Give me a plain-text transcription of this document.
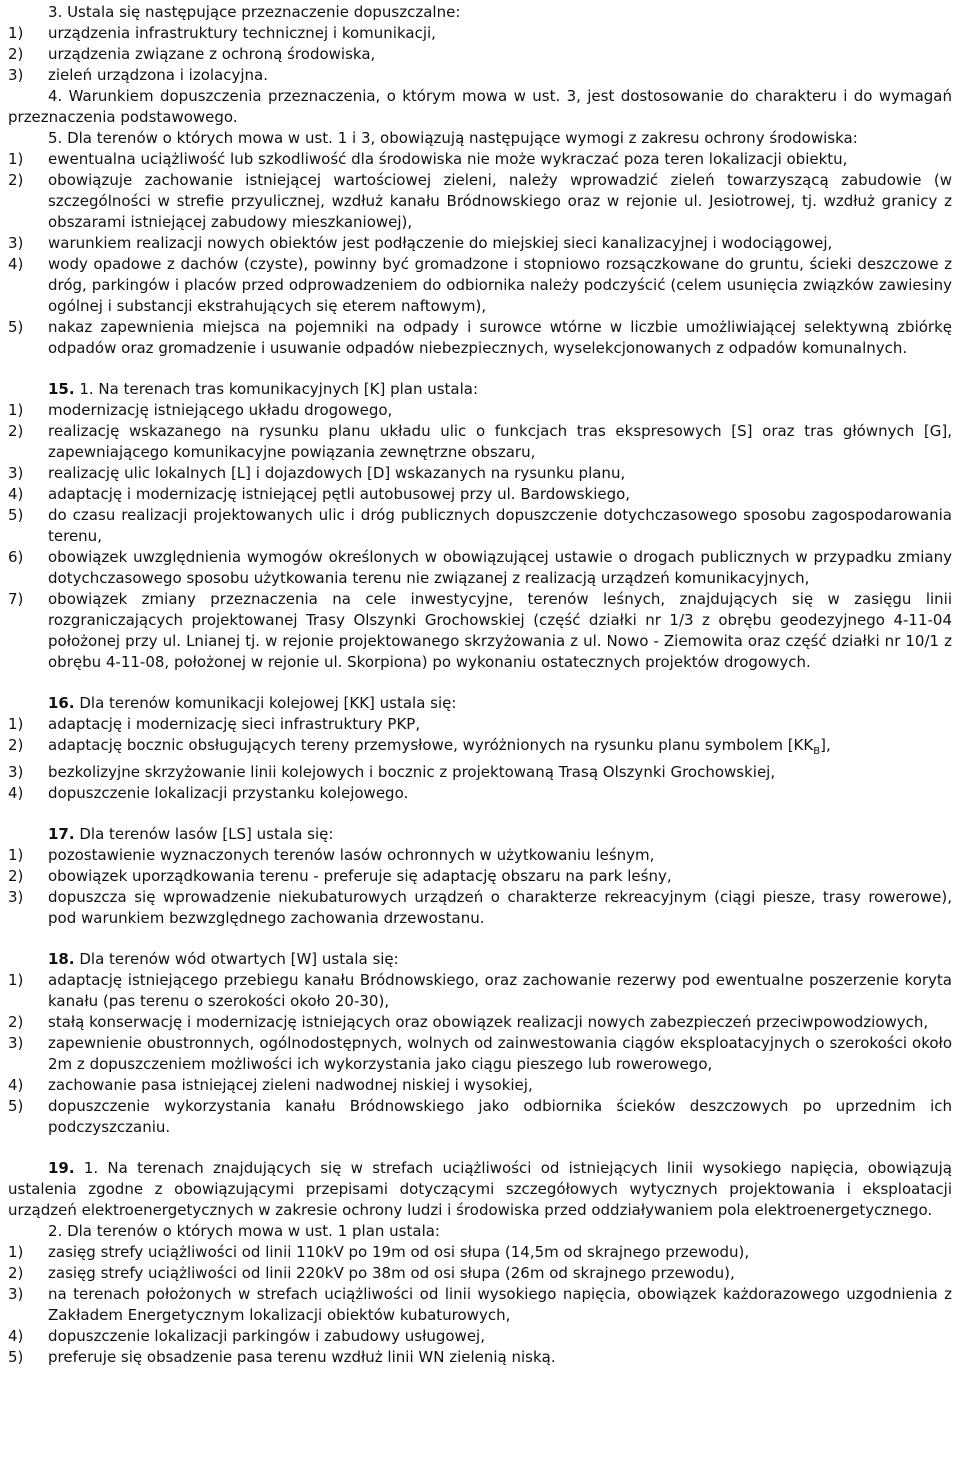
3. Ustala się następujące przeznaczenie dopuszczalne:

1)	urządzenia infrastruktury technicznej i komunikacji,
2)	urządzenia związane z ochroną środowiska,
3)	zieleń urządzona i izolacyjna.

4. Warunkiem dopuszczenia przeznaczenia, o którym mowa w ust. 3, jest dostosowanie do charakteru i do wymagań przeznaczenia podstawowego.

5. Dla terenów o których mowa w ust. 1 i 3, obowiązują następujące wymogi z zakresu ochrony środowiska:

1)	ewentualna uciążliwość lub szkodliwość dla środowiska nie może wykraczać poza teren lokalizacji obiektu,
2)	obowiązuje zachowanie istniejącej wartościowej zieleni, należy wprowadzić zieleń towarzyszącą zabudowie (w szczególności w strefie przyulicznej, wzdłuż kanału Bródnowskiego oraz w rejonie ul. Jesiotrowej, tj. wzdłuż granicy z obszarami istniejącej zabudowy mieszkaniowej),
3)	warunkiem realizacji nowych obiektów jest podłączenie do miejskiej sieci kanalizacyjnej i wodociągowej,
4)	wody opadowe z dachów (czyste), powinny być gromadzone i stopniowo rozsączkowane do gruntu, ścieki deszczowe z dróg, parkingów i placów przed odprowadzeniem do odbiornika należy podczyścić (celem usunięcia związków zawiesiny ogólnej i substancji ekstrahujących się eterem naftowym),
5)	nakaz zapewnienia miejsca na pojemniki na odpady i surowce wtórne w liczbie umożliwiającej selektywną zbiórkę odpadów oraz gromadzenie i usuwanie odpadów niebezpiecznych, wyselekcjonowanych z odpadów komunalnych.

15. 1. Na terenach tras komunikacyjnych [K] plan ustala:

1)	modernizację istniejącego układu drogowego,
2)	realizację wskazanego na rysunku planu układu ulic o funkcjach tras ekspresowych [S] oraz tras głównych [G], zapewniającego komunikacyjne powiązania zewnętrzne obszaru,
3)	realizację ulic lokalnych [L] i dojazdowych [D] wskazanych na rysunku planu,
4)	adaptację i modernizację istniejącej pętli autobusowej przy ul. Bardowskiego,
5)	do czasu realizacji projektowanych ulic i dróg publicznych dopuszczenie dotychczasowego sposobu zagospodarowania terenu,
6)	obowiązek uwzględnienia wymogów określonych w obowiązującej ustawie o drogach publicznych w przypadku zmiany dotychczasowego sposobu użytkowania terenu nie związanej z realizacją urządzeń komunikacyjnych,
7)	obowiązek zmiany przeznaczenia na cele inwestycyjne, terenów leśnych, znajdujących się w zasięgu linii rozgraniczających projektowanej Trasy Olszynki Grochowskiej (część działki nr 1/3 z obrębu geodezyjnego 4-11-04 położonej przy ul. Lnianej tj. w rejonie projektowanego skrzyżowania z ul. Nowo - Ziemowita oraz część działki nr 10/1 z obrębu 4-11-08, położonej w rejonie ul. Skorpiona) po wykonaniu ostatecznych projektów drogowych.

16. Dla terenów komunikacji kolejowej [KK] ustala się:

1)	adaptację i modernizację sieci infrastruktury PKP,
2)	adaptację bocznic obsługujących tereny przemysłowe, wyróżnionych na rysunku planu symbolem $[KK_B]$,
3)	bezkolizyjne skrzyżowanie linii kolejowych i bocznic z projektowaną Trasą Olszynki Grochowskiej,
4)	dopuszczenie lokalizacji przystanku kolejowego.

17. Dla terenów lasów [LS] ustala się:

1)	pozostawienie wyznaczonych terenów lasów ochronnych w użytkowaniu leśnym,
2)	obowiązek uporządkowania terenu - preferuje się adaptację obszaru na park leśny,
3)	dopuszcza się wprowadzenie niekubaturowych urządzeń o charakterze rekreacyjnym (ciągi piesze, trasy rowerowe), pod warunkiem bezwzględnego zachowania drzewostanu.

18. Dla terenów wód otwartych [W] ustala się:

1)	adaptację istniejącego przebiegu kanału Bródnowskiego, oraz zachowanie rezerwy pod ewentualne poszerzenie koryta kanału (pas terenu o szerokości około 20-30),
2)	stałą konserwację i modernizację istniejących oraz obowiązek realizacji nowych zabezpieczeń przeciwpowodziowych,
3)	zapewnienie obustronnych, ogólnodostępnych, wolnych od zainwestowania ciągów eksploatacyjnych o szerokości około 2m z dopuszczeniem możliwości ich wykorzystania jako ciągu pieszego lub rowerowego,
4)	zachowanie pasa istniejącej zieleni nadwodnej niskiej i wysokiej,
5)	dopuszczenie wykorzystania kanału Bródnowskiego jako odbiornika ścieków deszczowych po uprzednim ich podczyszczaniu.

19. 1. Na terenach znajdujących się w strefach uciążliwości od istniejących linii wysokiego napięcia, obowiązują ustalenia zgodne z obowiązującymi przepisami dotyczącymi szczegółowych wytycznych projektowania i eksploatacji urządzeń elektroenergetycznych w zakresie ochrony ludzi i środowiska przed oddziaływaniem pola elektroenergetycznego.

2. Dla terenów o których mowa w ust. 1 plan ustala:

1)	zasięg strefy uciążliwości od linii 110kV po 19m od osi słupa (14,5m od skrajnego przewodu),
2)	zasięg strefy uciążliwości od linii 220kV po 38m od osi słupa (26m od skrajnego przewodu),
3)	na terenach położonych w strefach uciążliwości od linii wysokiego napięcia, obowiązek każdorazowego uzgodnienia z Zakładem Energetycznym lokalizacji obiektów kubaturowych,
4)	dopuszczenie lokalizacji parkingów i zabudowy usługowej,
5)	preferuje się obsadzenie pasa terenu wzdłuż linii WN zielenią niską.
